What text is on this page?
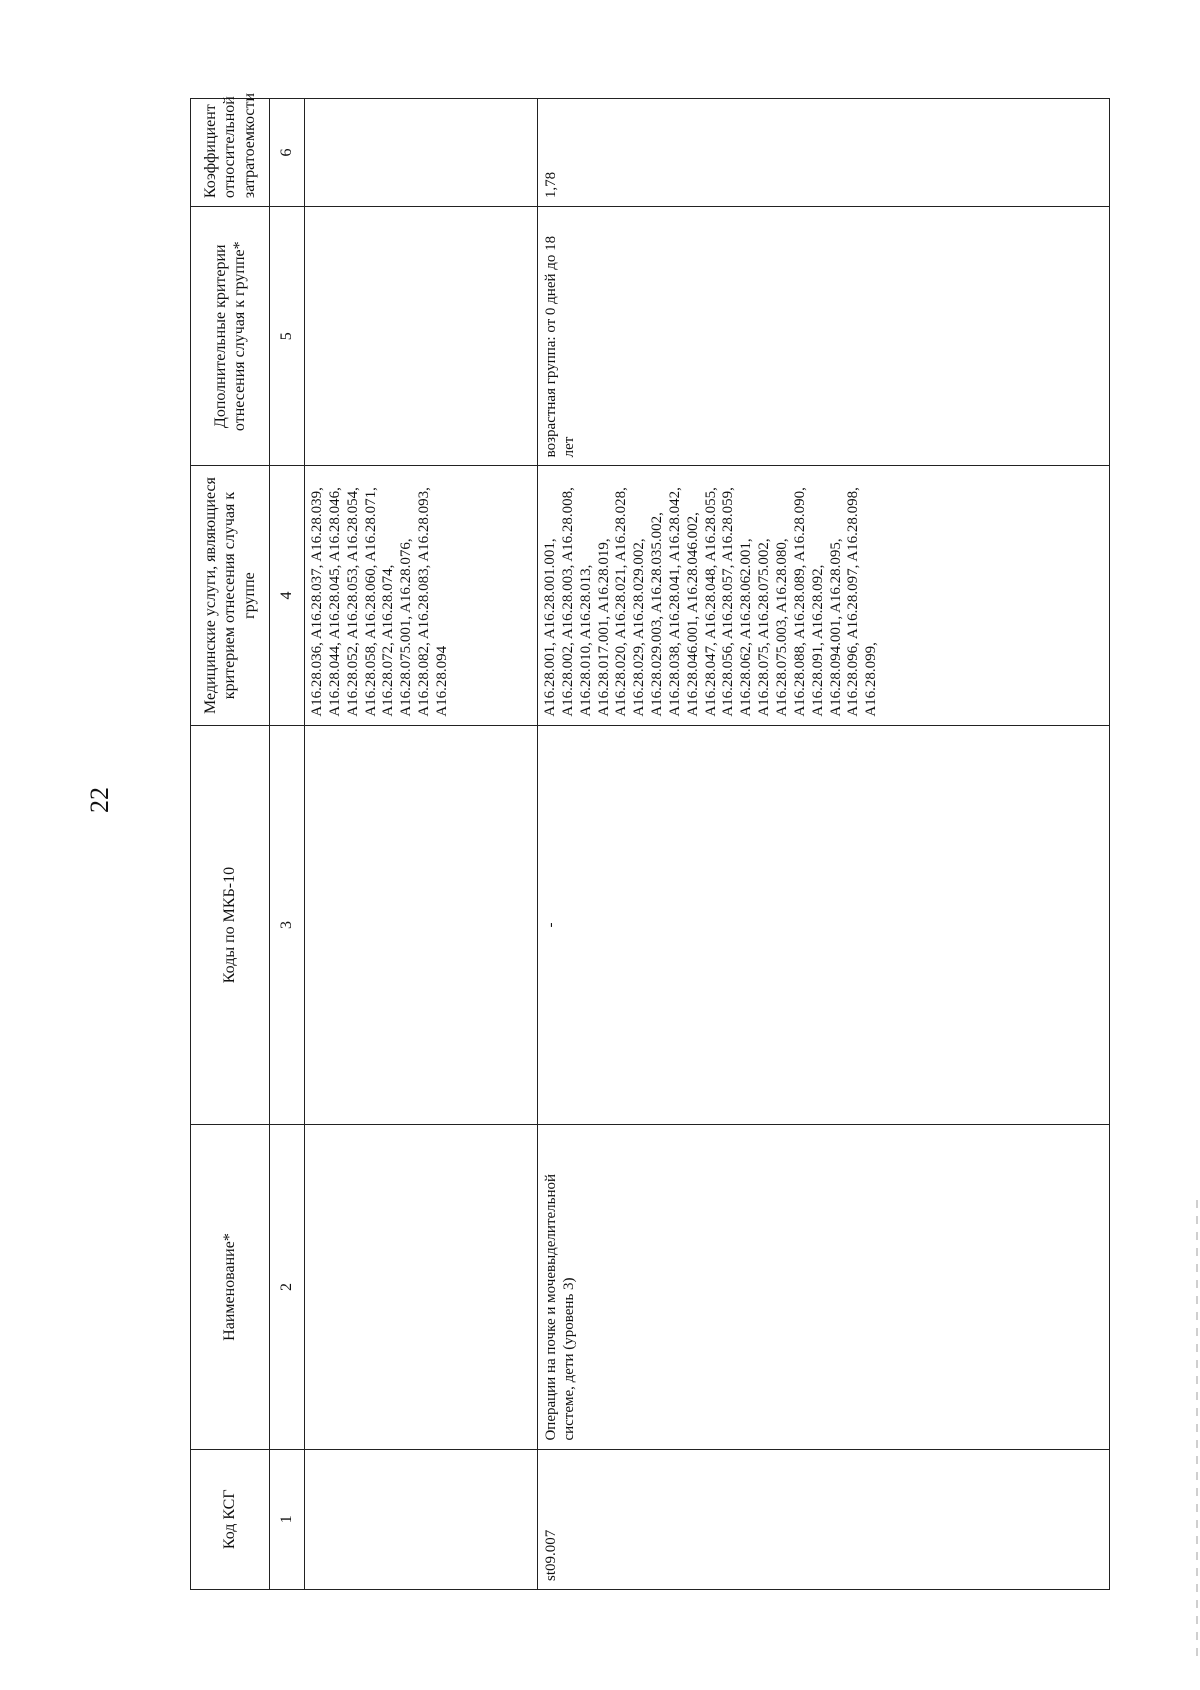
22
Код КСГ	Наименование*	Коды по МКБ-10	Медицинские услуги, являющиеся критерием отнесения случая к группе	Дополнительные критерии отнесения случая к группе*	Коэффициент относительной затратоемкости
1	2	3	4	5	6
			A16.28.036, A16.28.037, A16.28.039, A16.28.044, A16.28.045, A16.28.046, A16.28.052, A16.28.053, A16.28.054, A16.28.058, A16.28.060, A16.28.071, A16.28.072, A16.28.074, A16.28.075.001, A16.28.076, A16.28.082, A16.28.083, A16.28.093, A16.28.094		
st09.007	Операции на почке и мочевыделительной системе, дети (уровень 3)	-	A16.28.001, A16.28.001.001, A16.28.002, A16.28.003, A16.28.008, A16.28.010, A16.28.013, A16.28.017.001, A16.28.019, A16.28.020, A16.28.021, A16.28.028, A16.28.029, A16.28.029.002, A16.28.029.003, A16.28.035.002, A16.28.038, A16.28.041, A16.28.042, A16.28.046.001, A16.28.046.002, A16.28.047, A16.28.048, A16.28.055, A16.28.056, A16.28.057, A16.28.059, A16.28.062, A16.28.062.001, A16.28.075, A16.28.075.002, A16.28.075.003, A16.28.080, A16.28.088, A16.28.089, A16.28.090, A16.28.091, A16.28.092, A16.28.094.001, A16.28.095, A16.28.096, A16.28.097, A16.28.098, A16.28.099,	возрастная группа: от 0 дней до 18 лет	1,78
